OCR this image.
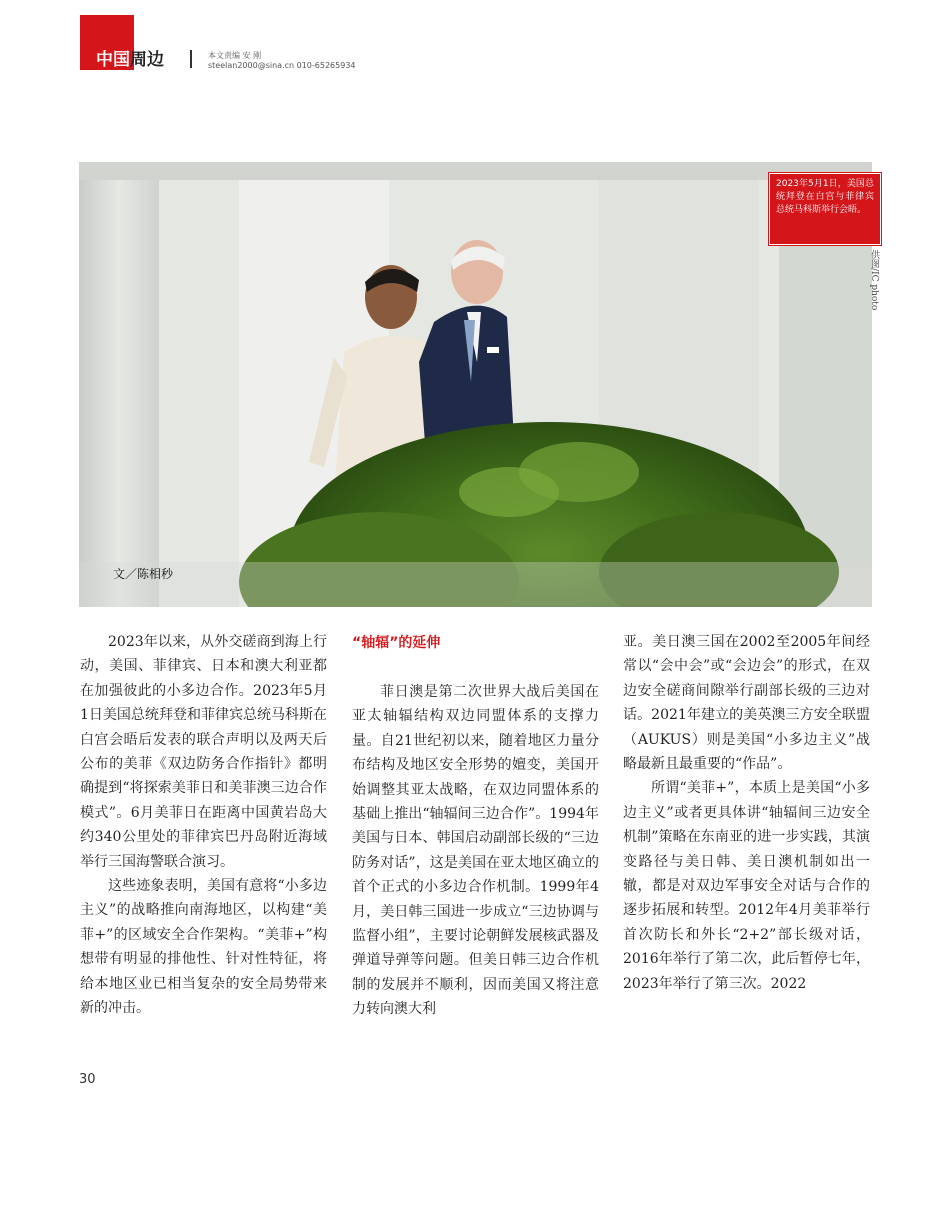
中国周边	本文责编 安 刚
steelan2000@sina.cn 010-65265934
文／陈相秒
2023年5月1日，美国总统拜登在白宫与菲律宾总统马科斯举行会晤。
供图/IC photo

2023年以来，从外交磋商到海上行动，美国、菲律宾、日本和澳大利亚都在加强彼此的小多边合作。2023年5月1日美国总统拜登和菲律宾总统马科斯在白宫会晤后发表的联合声明以及两天后公布的美菲《双边防务合作指针》都明确提到“将探索美菲日和美菲澳三边合作模式”。6月美菲日在距离中国黄岩岛大约340公里处的菲律宾巴丹岛附近海域举行三国海警联合演习。

这些迹象表明，美国有意将“小多边主义”的战略推向南海地区，以构建“美菲+”的区域安全合作架构。“美菲+”构想带有明显的排他性、针对性特征，将给本地区业已相当复杂的安全局势带来新的冲击。

“轴辐”的延伸

菲日澳是第二次世界大战后美国在亚太轴辐结构双边同盟体系的支撑力量。自21世纪初以来，随着地区力量分布结构及地区安全形势的嬗变，美国开始调整其亚太战略，在双边同盟体系的基础上推出“轴辐间三边合作”。1994年美国与日本、韩国启动副部长级的“三边防务对话”，这是美国在亚太地区确立的首个正式的小多边合作机制。1999年4月，美日韩三国进一步成立“三边协调与监督小组”，主要讨论朝鲜发展核武器及弹道导弹等问题。但美日韩三边合作机制的发展并不顺利，因而美国又将注意力转向澳大利

亚。美日澳三国在2002至2005年间经常以“会中会”或“会边会”的形式，在双边安全磋商间隙举行副部长级的三边对话。2021年建立的美英澳三方安全联盟（AUKUS）则是美国“小多边主义”战略最新且最重要的“作品”。

所谓“美菲+”，本质上是美国“小多边主义”或者更具体讲“轴辐间三边安全机制”策略在东南亚的进一步实践，其演变路径与美日韩、美日澳机制如出一辙，都是对双边军事安全对话与合作的逐步拓展和转型。2012年4月美菲举行首次防长和外长“2+2”部长级对话，2016年举行了第二次，此后暂停七年，2023年举行了第三次。2022

30
